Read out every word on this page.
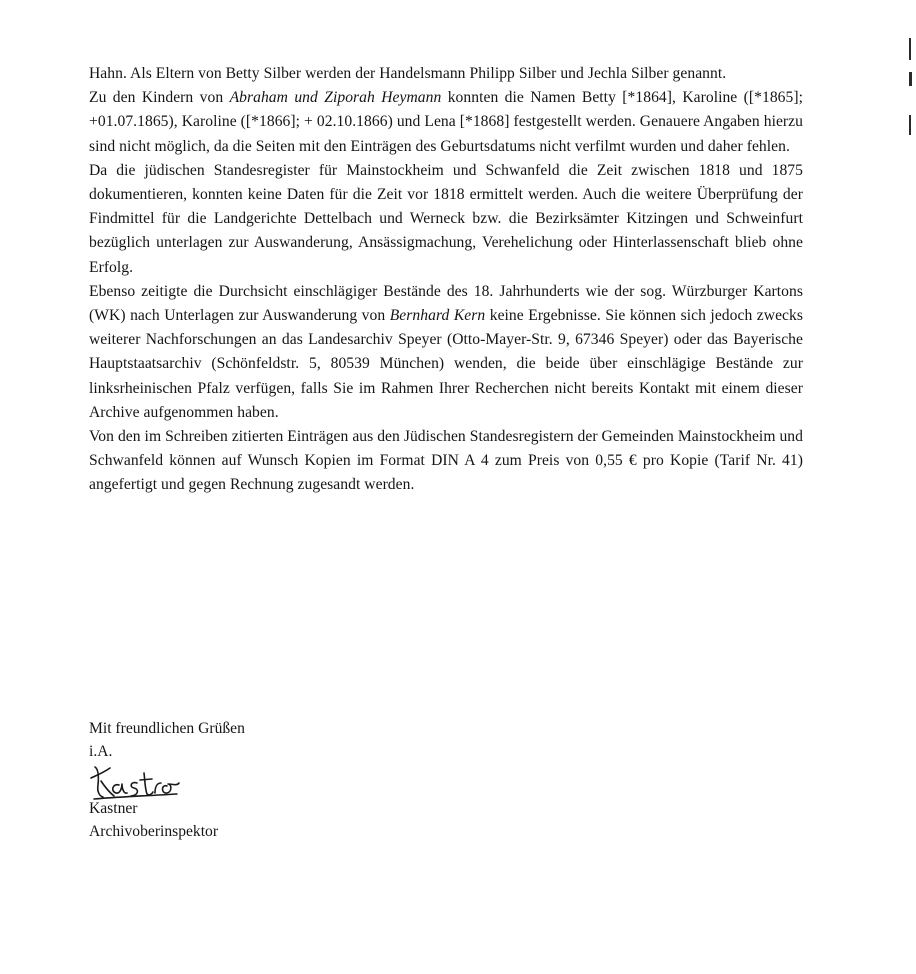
Hahn. Als Eltern von Betty Silber werden der Handelsmann Philipp Silber und Jechla Silber genannt.

Zu den Kindern von Abraham und Ziporah Heymann konnten die Namen Betty [*1864], Karoline ([*1865]; +01.07.1865), Karoline ([*1866]; + 02.10.1866) und Lena [*1868] festgestellt werden. Genauere Angaben hierzu sind nicht möglich, da die Seiten mit den Einträgen des Geburtsdatums nicht verfilmt wurden und daher fehlen.

Da die jüdischen Standesregister für Mainstockheim und Schwanfeld die Zeit zwischen 1818 und 1875 dokumentieren, konnten keine Daten für die Zeit vor 1818 ermittelt werden. Auch die weitere Überprüfung der Findmittel für die Landgerichte Dettelbach und Werneck bzw. die Bezirksämter Kitzingen und Schweinfurt bezüglich unterlagen zur Auswanderung, Ansässigmachung, Verehelichung oder Hinterlassenschaft blieb ohne Erfolg.

Ebenso zeitigte die Durchsicht einschlägiger Bestände des 18. Jahrhunderts wie der sog. Würzburger Kartons (WK) nach Unterlagen zur Auswanderung von Bernhard Kern keine Ergebnisse. Sie können sich jedoch zwecks weiterer Nachforschungen an das Landesarchiv Speyer (Otto-Mayer-Str. 9, 67346 Speyer) oder das Bayerische Hauptstaatsarchiv (Schönfeldstr. 5, 80539 München) wenden, die beide über einschlägige Bestände zur linksrheinischen Pfalz verfügen, falls Sie im Rahmen Ihrer Recherchen nicht bereits Kontakt mit einem dieser Archive aufgenommen haben.

Von den im Schreiben zitierten Einträgen aus den Jüdischen Standesregistern der Gemeinden Mainstockheim und Schwanfeld können auf Wunsch Kopien im Format DIN A 4 zum Preis von 0,55 € pro Kopie (Tarif Nr. 41) angefertigt und gegen Rechnung zugesandt werden.

Mit freundlichen Grüßen
i.A.
Kastner
Archivoberinspektor
